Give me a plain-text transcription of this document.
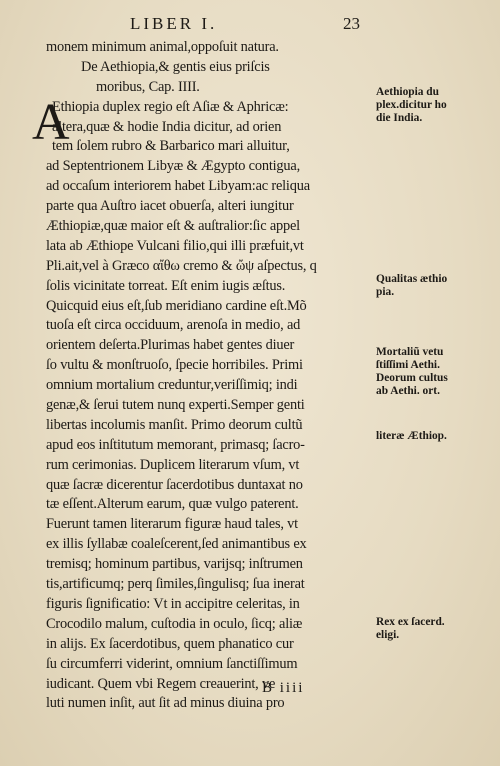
LIBER I.	23
A
monem minimum animal,oppoſuit natura.
De Aethiopia,& gentis eius priſcis
moribus, Cap. IIII.
Ethiopia duplex regio eſt Aſiæ & Aphricæ:
altera,quæ & hodie India dicitur, ad orien
tem ſolem rubro & Barbarico mari alluitur,
ad Septentrionem Libyæ & Ægypto contigua,
ad occaſum interiorem habet Libyam:ac reliqua
parte qua Auſtro iacet obuerſa, alteri iungitur
Æthiopiæ,quæ maior eſt & auſtralior:ſic appel
lata ab Æthiope Vulcani filio,qui illi præfuit,vt
Pli.ait,vel à Græco αἴθω cremo & ὤψ aſpectus, q
ſolis vicinitate torreat. Eſt enim iugis æſtus.
Quicquid eius eſt,ſub meridiano cardine eſt.Mõ
tuoſa eſt circa occiduum, arenoſa in medio, ad
orientem deſerta.Plurimas habet gentes diuer
ſo vultu & monſtruoſo, ſpecie horribiles. Primi
omnium mortalium creduntur,veriſſimiq; indi
genæ,& ſerui tutem nunq experti.Semper genti
libertas incolumis manſit. Primo deorum cultũ
apud eos inſtitutum memorant, primasq; ſacro-
rum cerimonias. Duplicem literarum vſum, vt
quæ ſacræ dicerentur ſacerdotibus duntaxat no
tæ eſſent.Alterum earum, quæ vulgo paterent.
Fuerunt tamen literarum figuræ haud tales, vt
ex illis ſyllabæ coaleſcerent,ſed animantibus ex
tremisq; hominum partibus, varijsq; inſtrumen
tis,artificumq; perq ſimiles,ſingulisq; ſua inerat
figuris ſignificatio: Vt in accipitre celeritas, in
Crocodilo malum, cuſtodia in oculo, ſicq; aliæ
in alijs. Ex ſacerdotibus, quem phanatico cur
ſu circumferri viderint, omnium ſanctiſſimum
iudicant. Quem vbi Regem creauerint, ve
luti numen inſit, aut ſit ad minus diuina pro
Aethiopia du
plex.dicitur ho
die India.
Qualitas æthio
pia.
Mortaliũ vetu
ſtiſſimi Aethi.
Deorum cultus
ab Aethi. ort.
literæ Æthiop.
Rex ex ſacerd.
eligi.
B iiii
